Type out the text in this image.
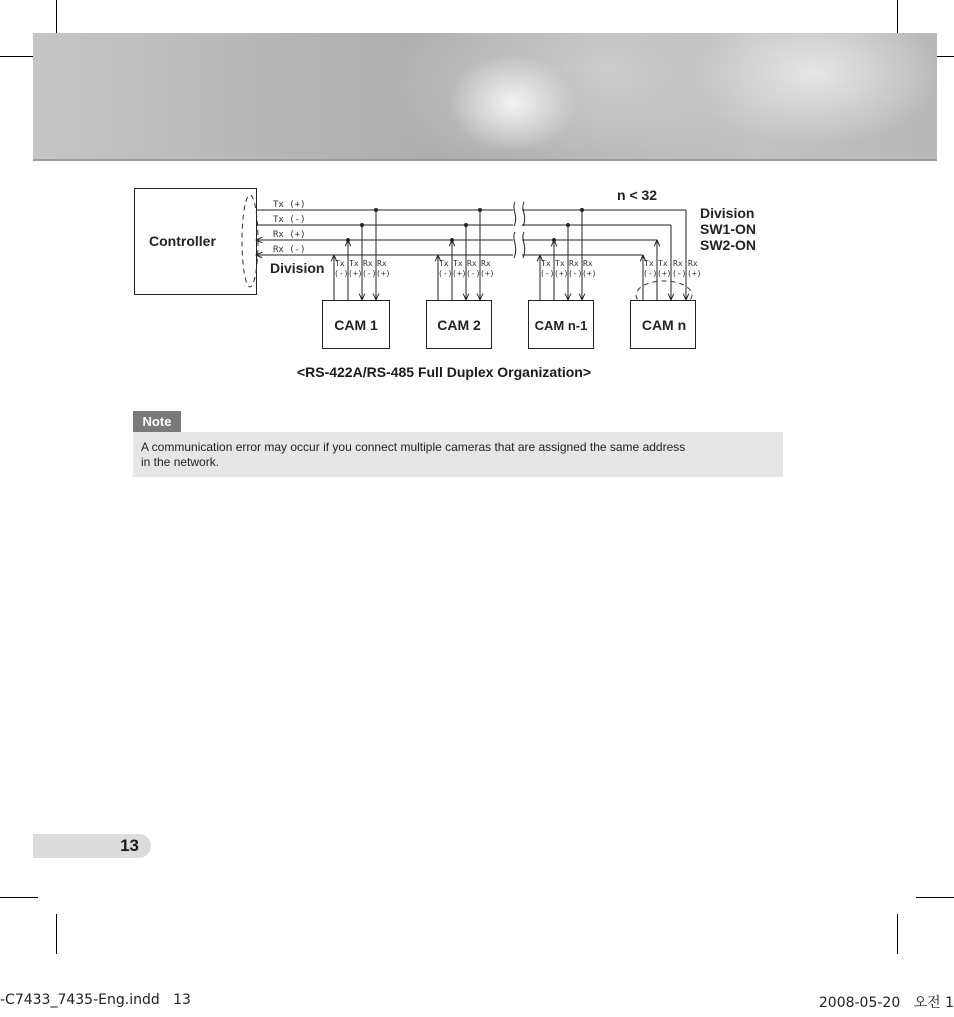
Controller
Division
Tx (+)
Tx (-)
Rx (+)
Rx (-)
Tx Tx Rx Rx
(-) (+) (-) (+)
Tx Tx Rx Rx
(-) (+) (-) (+)
Tx Tx Rx Rx
(-) (+) (-) (+)
Tx Tx Rx Rx
(-) (+) (-) (+)
CAM 1	CAM 2	CAM n-1	CAM n
n < 32
Division
SW1-ON
SW2-ON
<RS-422A/RS-485 Full Duplex Organization>
Note
A communication error may occur if you connect multiple cameras that are assigned the same address
in the network.
13
-C7433_7435-Eng.indd   13	2008-05-20   오전 1
